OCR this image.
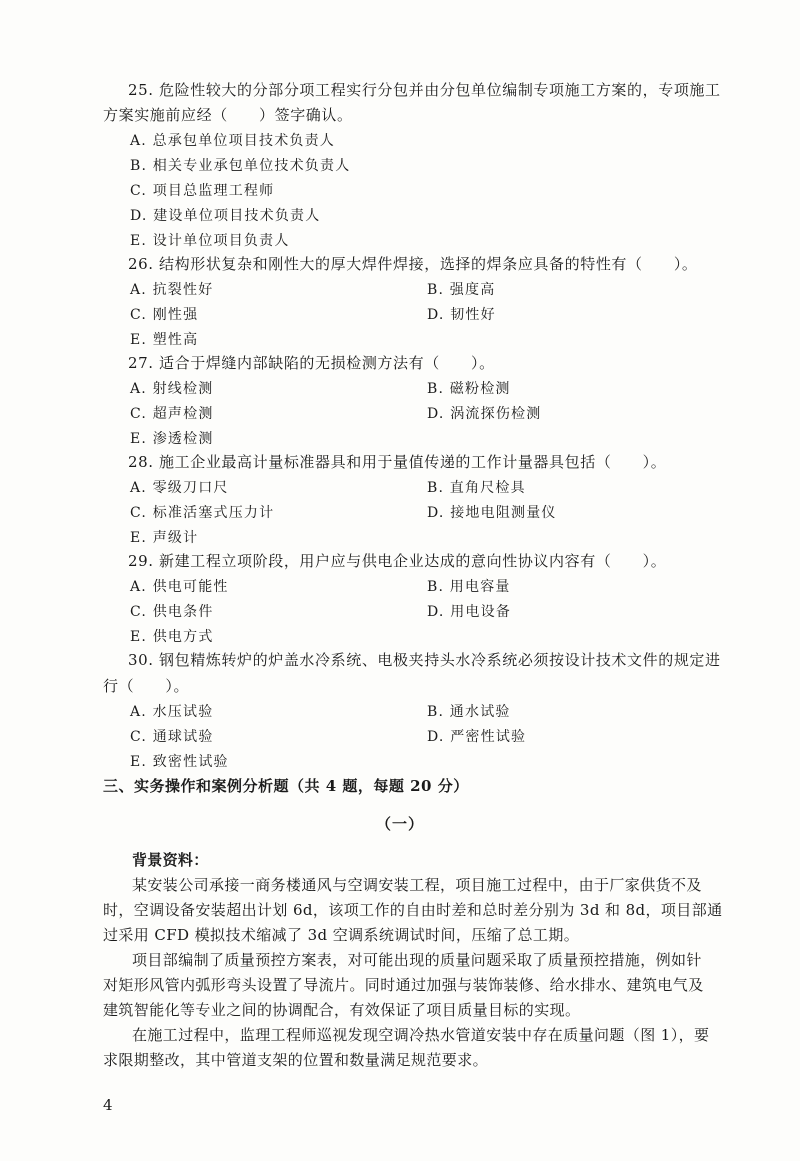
25. 危险性较大的分部分项工程实行分包并由分包单位编制专项施工方案的，专项施工
方案实施前应经（　　）签字确认。
A. 总承包单位项目技术负责人
B. 相关专业承包单位技术负责人
C. 项目总监理工程师
D. 建设单位项目技术负责人
E. 设计单位项目负责人
26. 结构形状复杂和刚性大的厚大焊件焊接，选择的焊条应具备的特性有（　　）。
A. 抗裂性好	B. 强度高
C. 刚性强	D. 韧性好
E. 塑性高
27. 适合于焊缝内部缺陷的无损检测方法有（　　）。
A. 射线检测	B. 磁粉检测
C. 超声检测	D. 涡流探伤检测
E. 渗透检测
28. 施工企业最高计量标准器具和用于量值传递的工作计量器具包括（　　）。
A. 零级刀口尺	B. 直角尺检具
C. 标准活塞式压力计	D. 接地电阻测量仪
E. 声级计
29. 新建工程立项阶段，用户应与供电企业达成的意向性协议内容有（　　）。
A. 供电可能性	B. 用电容量
C. 供电条件	D. 用电设备
E. 供电方式
30. 钢包精炼转炉的炉盖水冷系统、电极夹持头水冷系统必须按设计技术文件的规定进
行（　　）。
A. 水压试验	B. 通水试验
C. 通球试验	D. 严密性试验
E. 致密性试验
三、实务操作和案例分析题（共 4 题，每题 20 分）
（一）
背景资料：
某安装公司承接一商务楼通风与空调安装工程，项目施工过程中，由于厂家供货不及
时，空调设备安装超出计划 6d，该项工作的自由时差和总时差分别为 3d 和 8d，项目部通
过采用 CFD 模拟技术缩减了 3d 空调系统调试时间，压缩了总工期。
项目部编制了质量预控方案表，对可能出现的质量问题采取了质量预控措施，例如针
对矩形风管内弧形弯头设置了导流片。同时通过加强与装饰装修、给水排水、建筑电气及
建筑智能化等专业之间的协调配合，有效保证了项目质量目标的实现。
在施工过程中，监理工程师巡视发现空调冷热水管道安装中存在质量问题（图 1），要
求限期整改，其中管道支架的位置和数量满足规范要求。
4
